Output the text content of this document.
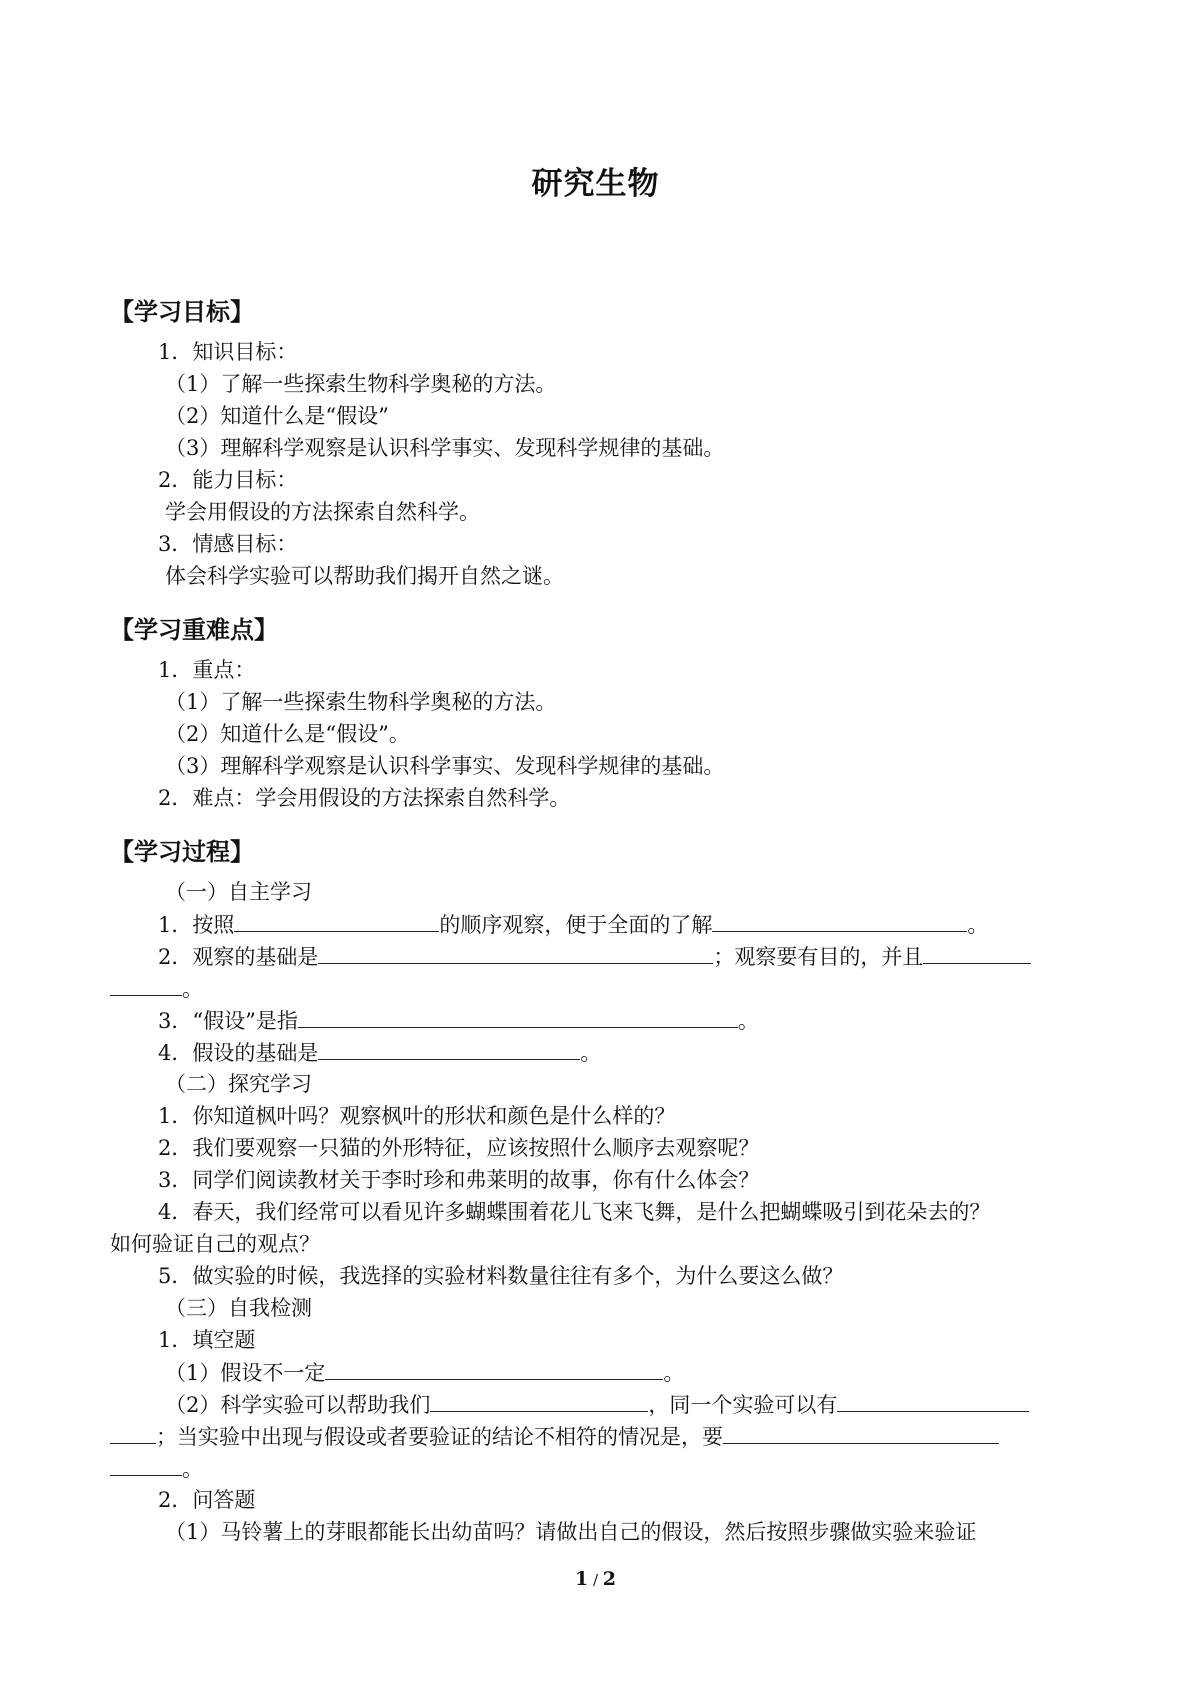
研究生物
【学习目标】
1．知识目标：
（1）了解一些探索生物科学奥秘的方法。
（2）知道什么是“假设”
（3）理解科学观察是认识科学事实、发现科学规律的基础。
2．能力目标：
学会用假设的方法探索自然科学。
3．情感目标：
体会科学实验可以帮助我们揭开自然之谜。
【学习重难点】
1．重点：
（1）了解一些探索生物科学奥秘的方法。
（2）知道什么是“假设”。
（3）理解科学观察是认识科学事实、发现科学规律的基础。
2．难点：学会用假设的方法探索自然科学。
【学习过程】
（一）自主学习
1．按照	的顺序观察，便于全面的了解	。
2．观察的基础是	；观察要有目的，并且
。
3．“假设”是指	。
4．假设的基础是	。
（二）探究学习
1．你知道枫叶吗？观察枫叶的形状和颜色是什么样的？
2．我们要观察一只猫的外形特征，应该按照什么顺序去观察呢？
3．同学们阅读教材关于李时珍和弗莱明的故事，你有什么体会？
4．春天，我们经常可以看见许多蝴蝶围着花儿飞来飞舞，是什么把蝴蝶吸引到花朵去的？
如何验证自己的观点？
5．做实验的时候，我选择的实验材料数量往往有多个，为什么要这么做？
（三）自我检测
1．填空题
（1）假设不一定	。
（2）科学实验可以帮助我们	，同一个实验可以有
；当实验中出现与假设或者要验证的结论不相符的情况是，要
。
2．问答题
（1）马铃薯上的芽眼都能长出幼苗吗？请做出自己的假设，然后按照步骤做实验来验证
1 / 2
